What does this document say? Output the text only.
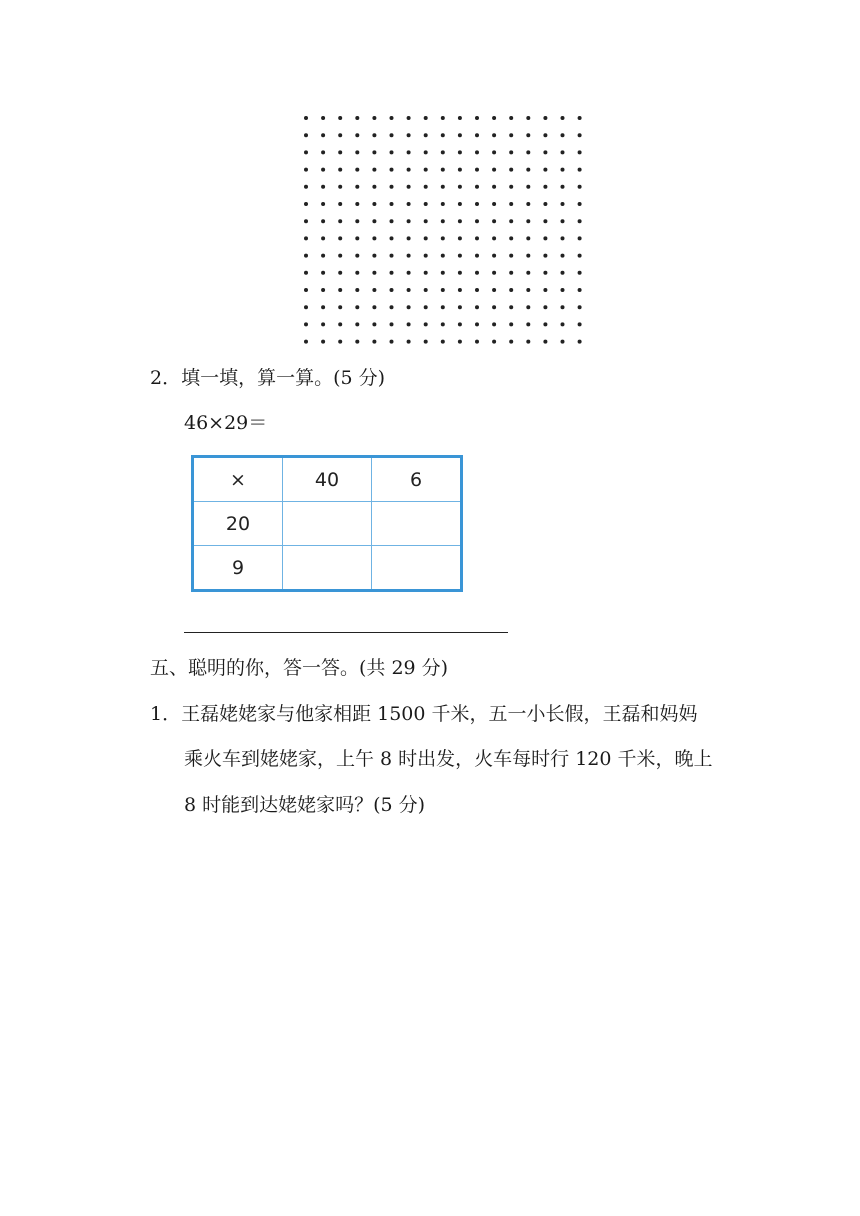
2．填一填，算一算。(5 分)
46×29＝
×	40	6
20		
9		
五、聪明的你，答一答。(共 29 分)
1．王磊姥姥家与他家相距 1500 千米，五一小长假，王磊和妈妈
乘火车到姥姥家，上午 8 时出发，火车每时行 120 千米，晚上
8 时能到达姥姥家吗？(5 分)
